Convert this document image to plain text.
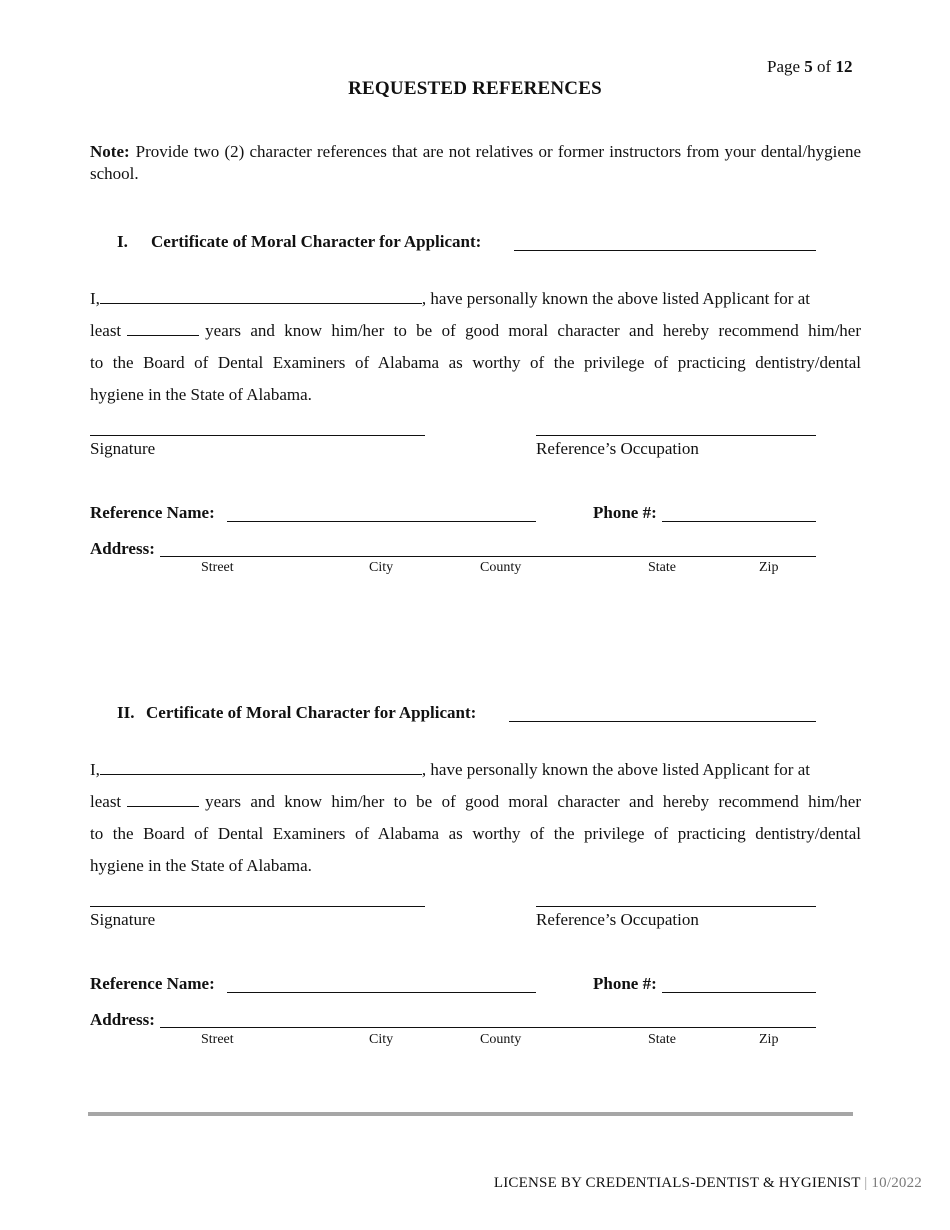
Page 5 of 12
REQUESTED REFERENCES
Note: Provide two (2) character references that are not relatives or former instructors from your dental/hygiene school.
I. Certificate of Moral Character for Applicant:
I,	, have personally known the above listed Applicant for at
least	years and know him/her to be of good moral character and hereby recommend him/her
to the Board of Dental Examiners of Alabama as worthy of the privilege of practicing dentistry/dental
hygiene in the State of Alabama.
Signature	Reference’s Occupation
Reference Name:	Phone #:
Address:
Street	City	County	State	Zip
II. Certificate of Moral Character for Applicant:
I,	, have personally known the above listed Applicant for at
least	years and know him/her to be of good moral character and hereby recommend him/her
to the Board of Dental Examiners of Alabama as worthy of the privilege of practicing dentistry/dental
hygiene in the State of Alabama.
Signature	Reference’s Occupation
Reference Name:	Phone #:
Address:
Street	City	County	State	Zip
LICENSE BY CREDENTIALS-DENTIST & HYGIENIST | 10/2022
